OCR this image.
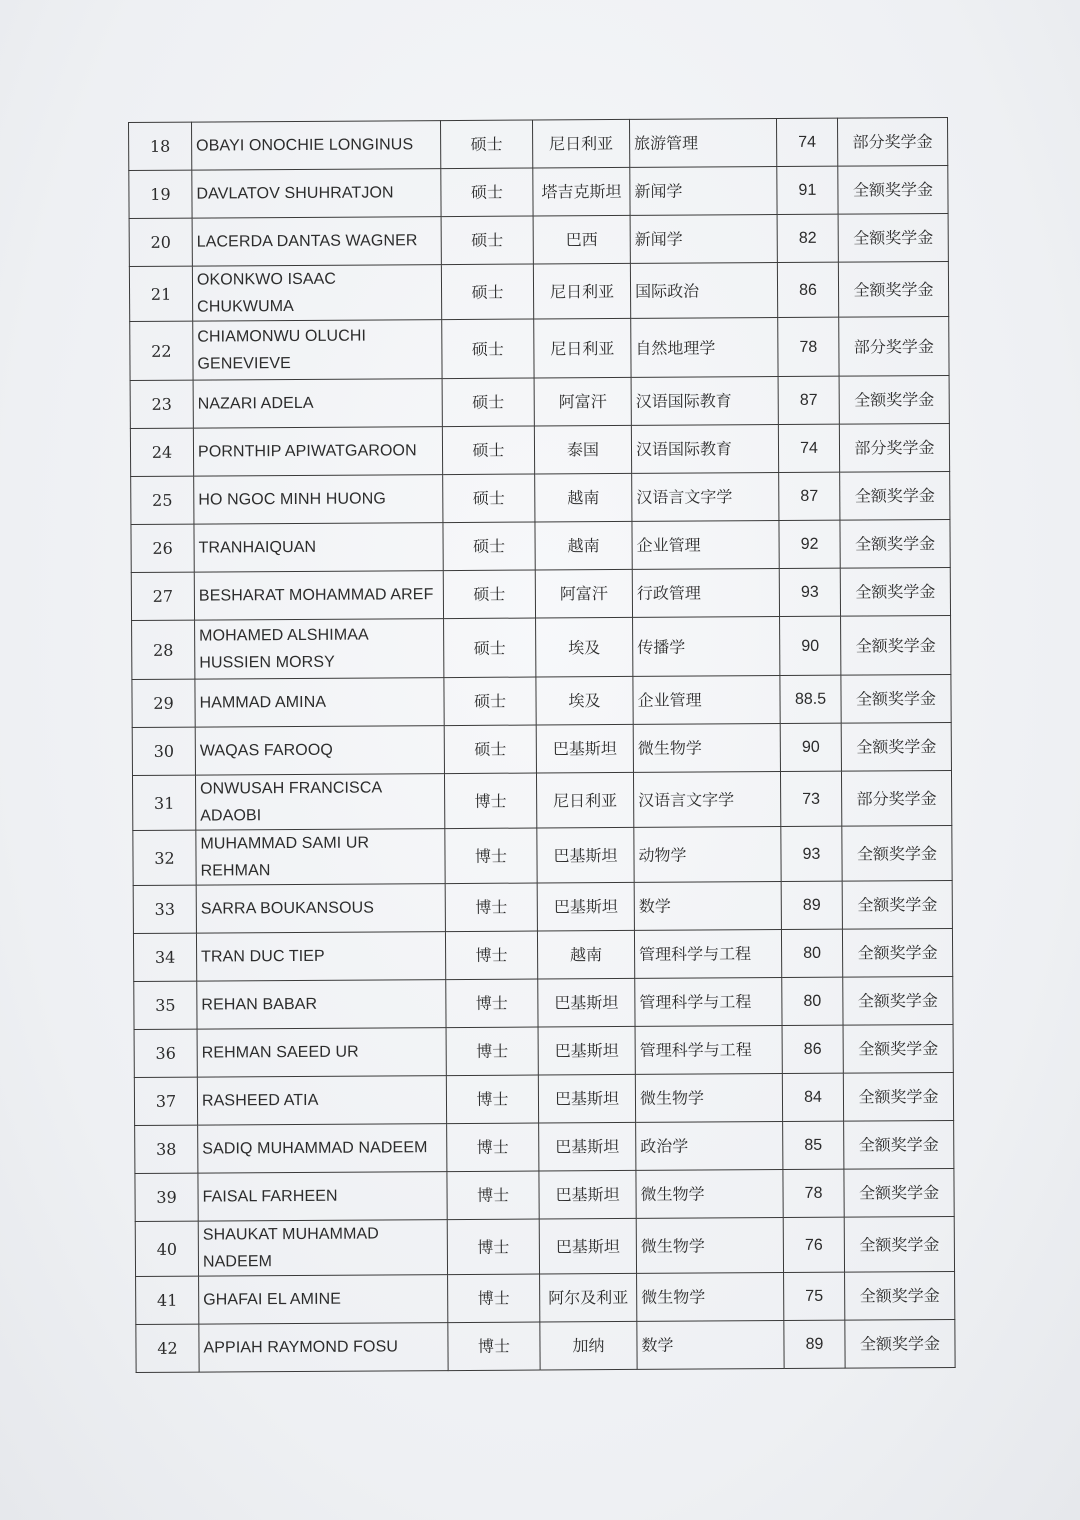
18	OBAYI ONOCHIE LONGINUS	硕士	尼日利亚	旅游管理	74	部分奖学金
19	DAVLATOV SHUHRATJON	硕士	塔吉克斯坦	新闻学	91	全额奖学金
20	LACERDA DANTAS WAGNER	硕士	巴西	新闻学	82	全额奖学金
21	OKONKWO ISAAC CHUKWUMA	硕士	尼日利亚	国际政治	86	全额奖学金
22	CHIAMONWU OLUCHI GENEVIEVE	硕士	尼日利亚	自然地理学	78	部分奖学金
23	NAZARI ADELA	硕士	阿富汗	汉语国际教育	87	全额奖学金
24	PORNTHIP APIWATGAROON	硕士	泰国	汉语国际教育	74	部分奖学金
25	HO NGOC MINH HUONG	硕士	越南	汉语言文字学	87	全额奖学金
26	TRANHAIQUAN	硕士	越南	企业管理	92	全额奖学金
27	BESHARAT MOHAMMAD AREF	硕士	阿富汗	行政管理	93	全额奖学金
28	MOHAMED ALSHIMAA HUSSIEN MORSY	硕士	埃及	传播学	90	全额奖学金
29	HAMMAD AMINA	硕士	埃及	企业管理	88.5	全额奖学金
30	WAQAS FAROOQ	硕士	巴基斯坦	微生物学	90	全额奖学金
31	ONWUSAH FRANCISCA ADAOBI	博士	尼日利亚	汉语言文字学	73	部分奖学金
32	MUHAMMAD SAMI UR REHMAN	博士	巴基斯坦	动物学	93	全额奖学金
33	SARRA BOUKANSOUS	博士	巴基斯坦	数学	89	全额奖学金
34	TRAN DUC TIEP	博士	越南	管理科学与工程	80	全额奖学金
35	REHAN BABAR	博士	巴基斯坦	管理科学与工程	80	全额奖学金
36	REHMAN SAEED UR	博士	巴基斯坦	管理科学与工程	86	全额奖学金
37	RASHEED ATIA	博士	巴基斯坦	微生物学	84	全额奖学金
38	SADIQ MUHAMMAD NADEEM	博士	巴基斯坦	政治学	85	全额奖学金
39	FAISAL FARHEEN	博士	巴基斯坦	微生物学	78	全额奖学金
40	SHAUKAT MUHAMMAD NADEEM	博士	巴基斯坦	微生物学	76	全额奖学金
41	GHAFAI EL AMINE	博士	阿尔及利亚	微生物学	75	全额奖学金
42	APPIAH RAYMOND FOSU	博士	加纳	数学	89	全额奖学金
